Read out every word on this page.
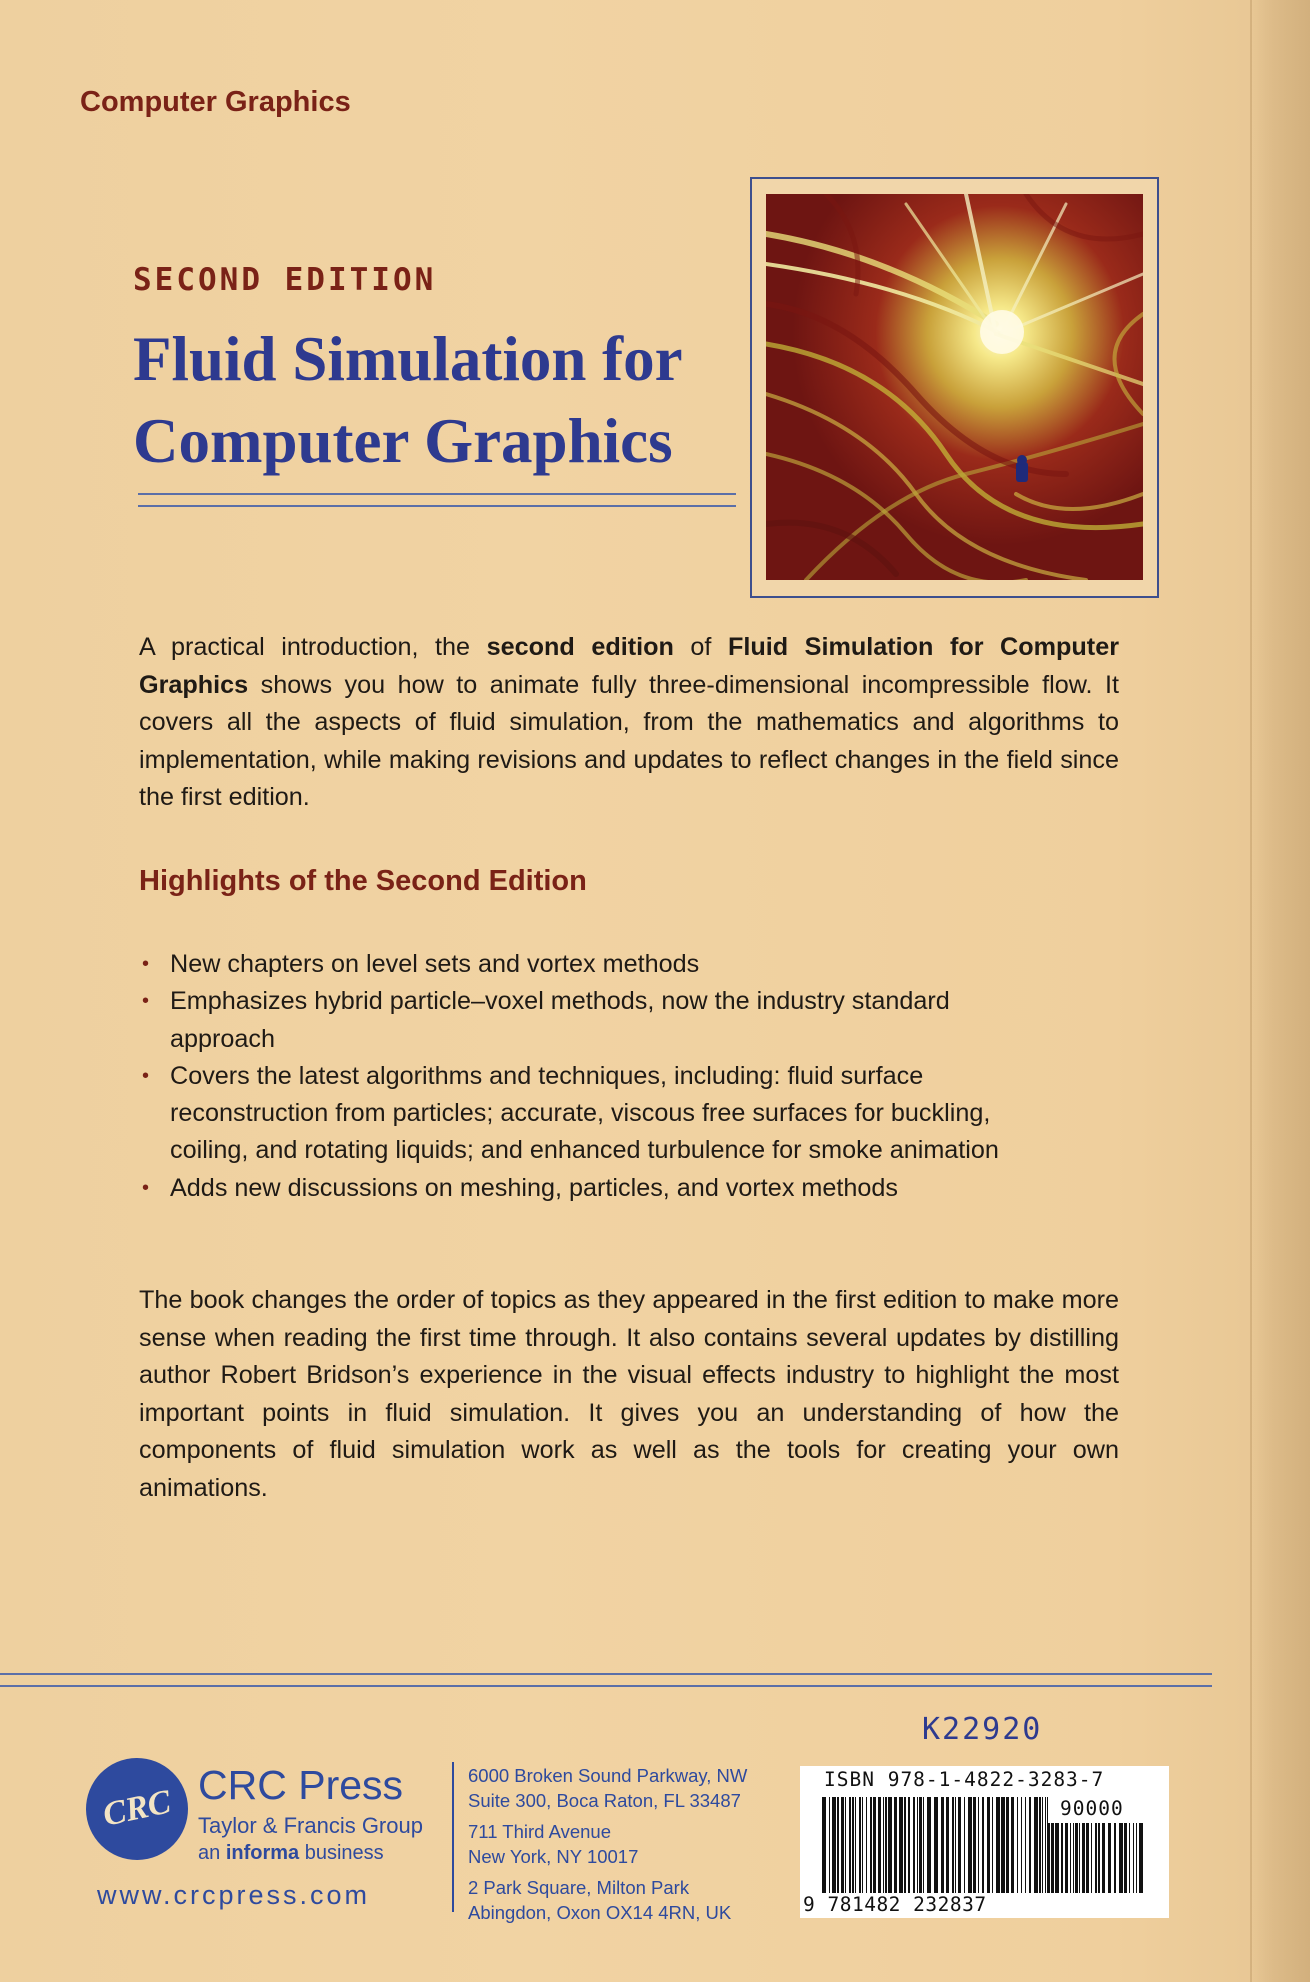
Computer Graphics
SECOND EDITION
Fluid Simulation for
Computer Graphics
A practical introduction, the second edition of Fluid Simulation for Computer Graphics shows you how to animate fully three-dimensional incompressible flow. It covers all the aspects of fluid simulation, from the mathematics and algorithms to implementation, while making revisions and updates to reflect changes in the field since the first edition.
Highlights of the Second Edition
• New chapters on level sets and vortex methods
• Emphasizes hybrid particle–voxel methods, now the industry standard approach
• Covers the latest algorithms and techniques, including: fluid surface reconstruction from particles; accurate, viscous free surfaces for buckling, coiling, and rotating liquids; and enhanced turbulence for smoke animation
• Adds new discussions on meshing, particles, and vortex methods
The book changes the order of topics as they appeared in the first edition to make more sense when reading the first time through. It also contains several updates by distilling author Robert Bridson’s experience in the visual effects industry to highlight the most important points in fluid simulation. It gives you an understanding of how the components of fluid simulation work as well as the tools for creating your own animations.
K22920
CRC CRC Press
Taylor & Francis Group
an informa business
www.crcpress.com
6000 Broken Sound Parkway, NW
Suite 300, Boca Raton, FL 33487
711 Third Avenue
New York, NY 10017
2 Park Square, Milton Park
Abingdon, Oxon OX14 4RN, UK
ISBN 978-1-4822-3283-7
90000
9 781482 232837
